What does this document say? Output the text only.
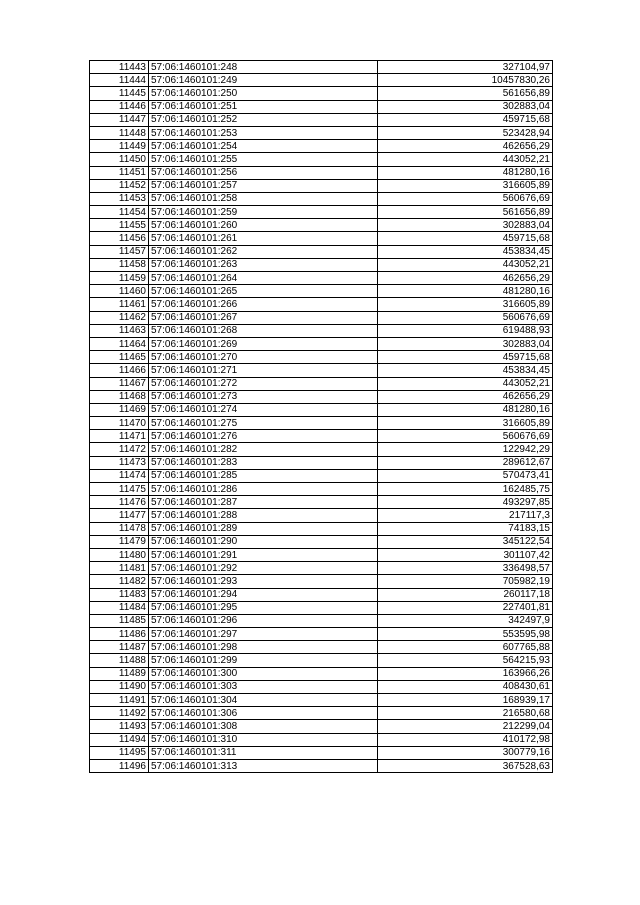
11443	57:06:1460101:248	327104,97
11444	57:06:1460101:249	10457830,26
11445	57:06:1460101:250	561656,89
11446	57:06:1460101:251	302883,04
11447	57:06:1460101:252	459715,68
11448	57:06:1460101:253	523428,94
11449	57:06:1460101:254	462656,29
11450	57:06:1460101:255	443052,21
11451	57:06:1460101:256	481280,16
11452	57:06:1460101:257	316605,89
11453	57:06:1460101:258	560676,69
11454	57:06:1460101:259	561656,89
11455	57:06:1460101:260	302883,04
11456	57:06:1460101:261	459715,68
11457	57:06:1460101:262	453834,45
11458	57:06:1460101:263	443052,21
11459	57:06:1460101:264	462656,29
11460	57:06:1460101:265	481280,16
11461	57:06:1460101:266	316605,89
11462	57:06:1460101:267	560676,69
11463	57:06:1460101:268	619488,93
11464	57:06:1460101:269	302883,04
11465	57:06:1460101:270	459715,68
11466	57:06:1460101:271	453834,45
11467	57:06:1460101:272	443052,21
11468	57:06:1460101:273	462656,29
11469	57:06:1460101:274	481280,16
11470	57:06:1460101:275	316605,89
11471	57:06:1460101:276	560676,69
11472	57:06:1460101:282	122942,29
11473	57:06:1460101:283	289612,67
11474	57:06:1460101:285	570473,41
11475	57:06:1460101:286	162485,75
11476	57:06:1460101:287	493297,85
11477	57:06:1460101:288	217117,3
11478	57:06:1460101:289	74183,15
11479	57:06:1460101:290	345122,54
11480	57:06:1460101:291	301107,42
11481	57:06:1460101:292	336498,57
11482	57:06:1460101:293	705982,19
11483	57:06:1460101:294	260117,18
11484	57:06:1460101:295	227401,81
11485	57:06:1460101:296	342497,9
11486	57:06:1460101:297	553595,98
11487	57:06:1460101:298	607765,88
11488	57:06:1460101:299	564215,93
11489	57:06:1460101:300	163966,26
11490	57:06:1460101:303	408430,61
11491	57:06:1460101:304	168939,17
11492	57:06:1460101:306	216580,68
11493	57:06:1460101:308	212299,04
11494	57:06:1460101:310	410172,98
11495	57:06:1460101:311	300779,16
11496	57:06:1460101:313	367528,63
